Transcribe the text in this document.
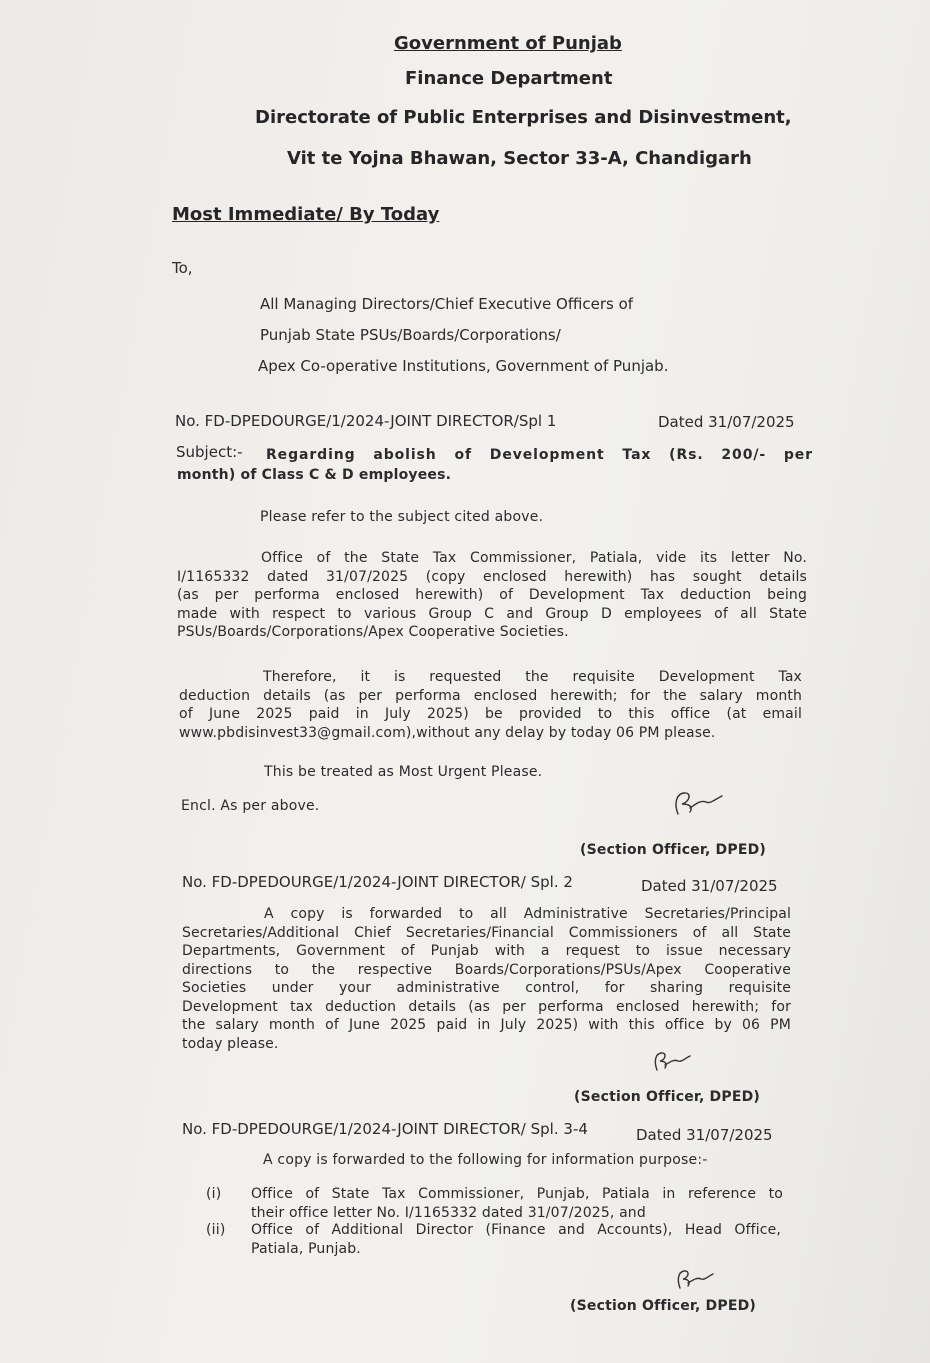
Government of Punjab
Finance Department
Directorate of Public Enterprises and Disinvestment,
Vit te Yojna Bhawan, Sector 33-A, Chandigarh
Most Immediate/ By Today
To,
All Managing Directors/Chief Executive Officers of
Punjab State PSUs/Boards/Corporations/
Apex Co-operative Institutions, Government of Punjab.
No. FD-DPEDOURGE/1/2024-JOINT DIRECTOR/Spl 1	Dated 31/07/2025
Subject:- Regarding abolish of Development Tax (Rs. 200/- per
month) of Class C & D employees.
Please refer to the subject cited above.
Office of the State Tax Commissioner, Patiala, vide its letter No.
I/1165332 dated 31/07/2025 (copy enclosed herewith) has sought details
(as per performa enclosed herewith) of Development Tax deduction being
made with respect to various Group C and Group D employees of all State
PSUs/Boards/Corporations/Apex Cooperative Societies.
Therefore, it is requested the requisite Development Tax
deduction details (as per performa enclosed herewith; for the salary month
of June 2025 paid in July 2025) be provided to this office (at email
www.pbdisinvest33@gmail.com),without any delay by today 06 PM please.
This be treated as Most Urgent Please.
Encl. As per above.
(Section Officer, DPED)
No. FD-DPEDOURGE/1/2024-JOINT DIRECTOR/ Spl. 2	Dated 31/07/2025
A copy is forwarded to all Administrative Secretaries/Principal
Secretaries/Additional Chief Secretaries/Financial Commissioners of all State
Departments, Government of Punjab with a request to issue necessary
directions to the respective Boards/Corporations/PSUs/Apex Cooperative
Societies under your administrative control, for sharing requisite
Development tax deduction details (as per performa enclosed herewith; for
the salary month of June 2025 paid in July 2025) with this office by 06 PM
today please.
(Section Officer, DPED)
No. FD-DPEDOURGE/1/2024-JOINT DIRECTOR/ Spl. 3-4	Dated 31/07/2025
A copy is forwarded to the following for information purpose:-
(i) Office of State Tax Commissioner, Punjab, Patiala in reference to
their office letter No. I/1165332 dated 31/07/2025, and
(ii) Office of Additional Director (Finance and Accounts), Head Office,
Patiala, Punjab.
(Section Officer, DPED)
